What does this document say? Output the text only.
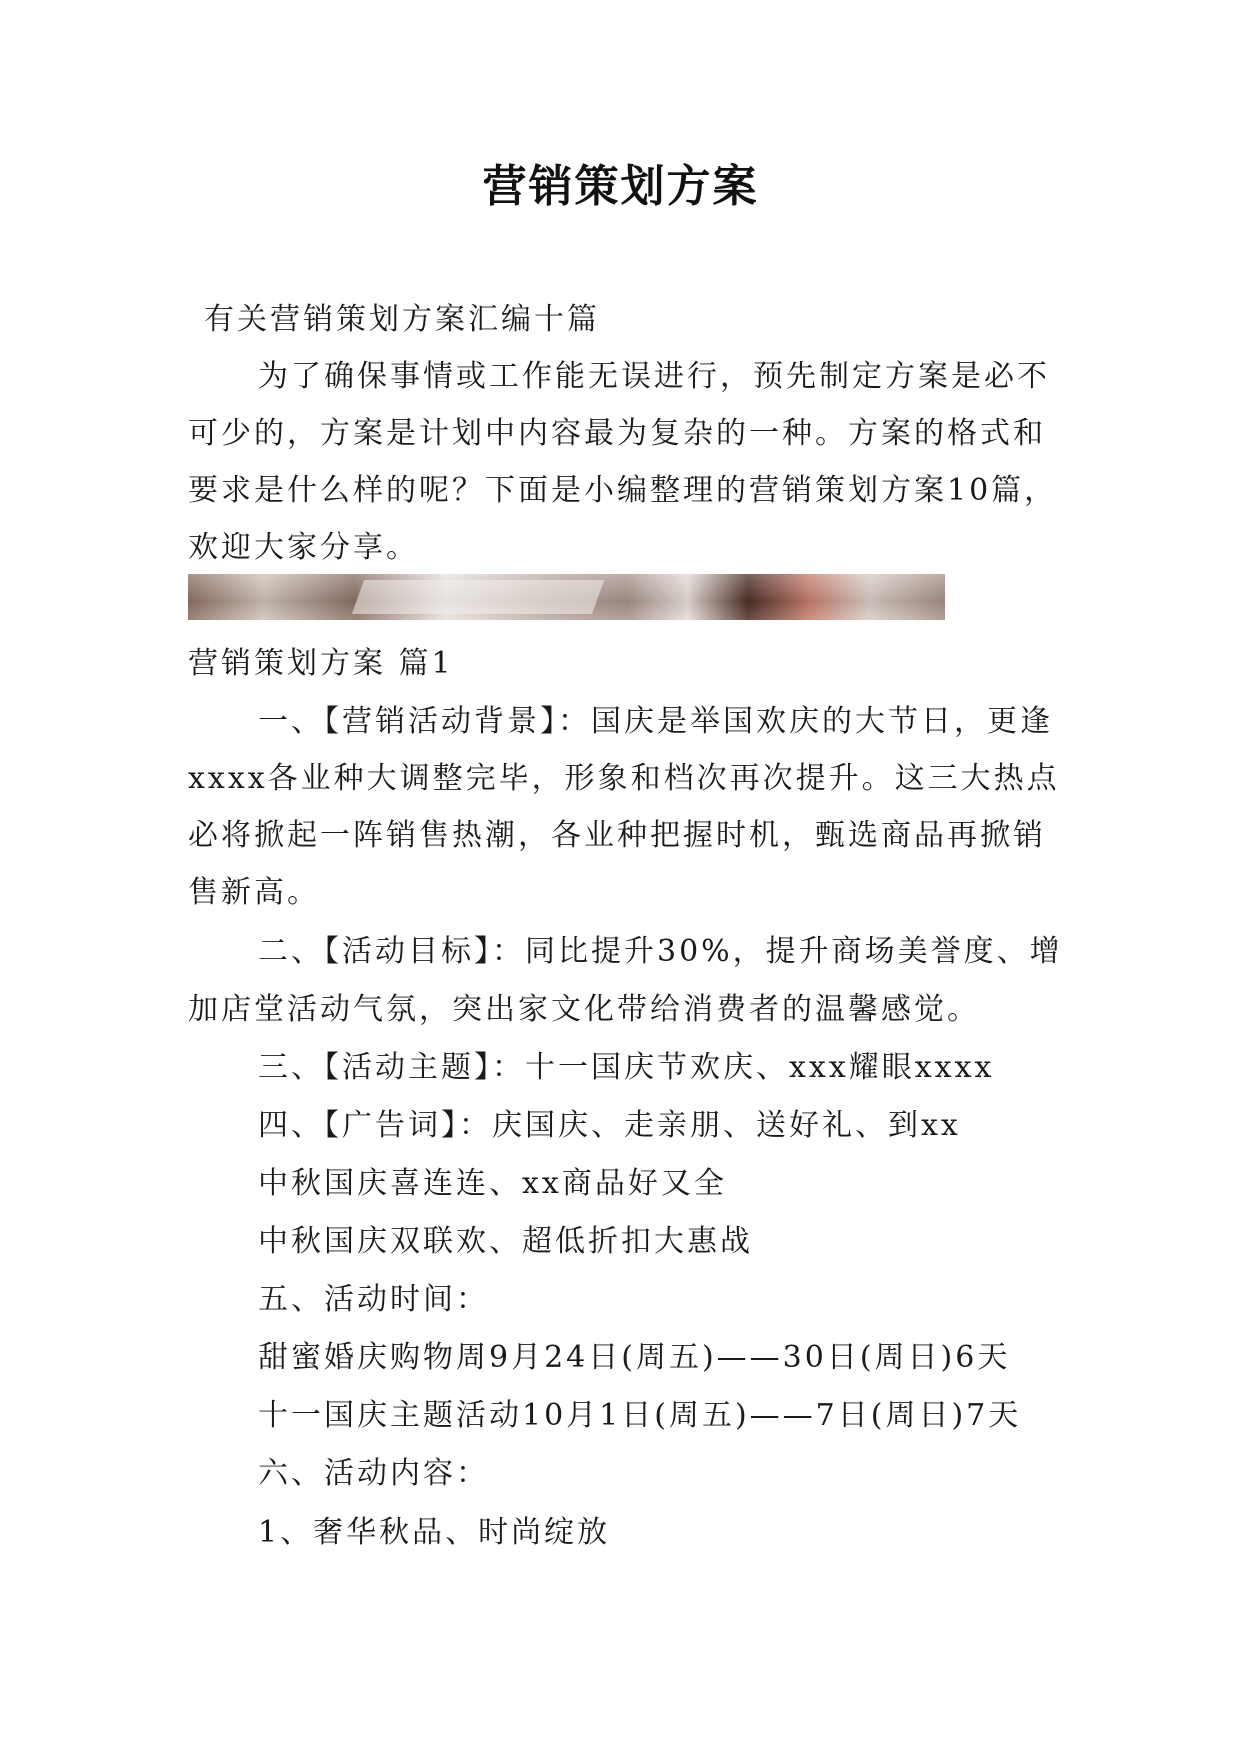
营销策划方案
有关营销策划方案汇编十篇
为了确保事情或工作能无误进行，预先制定方案是必不
可少的，方案是计划中内容最为复杂的一种。方案的格式和
要求是什么样的呢？下面是小编整理的营销策划方案10篇，
欢迎大家分享。
营销策划方案 篇1
一、【营销活动背景】：国庆是举国欢庆的大节日，更逢
xxxx各业种大调整完毕，形象和档次再次提升。这三大热点
必将掀起一阵销售热潮，各业种把握时机，甄选商品再掀销
售新高。
二、【活动目标】：同比提升30%，提升商场美誉度、增
加店堂活动气氛，突出家文化带给消费者的温馨感觉。
三、【活动主题】：十一国庆节欢庆、xxx耀眼xxxx
四、【广告词】：庆国庆、走亲朋、送好礼、到xx
中秋国庆喜连连、xx商品好又全
中秋国庆双联欢、超低折扣大惠战
五、活动时间：
甜蜜婚庆购物周9月24日(周五)——30日(周日)6天
十一国庆主题活动10月1日(周五)——7日(周日)7天
六、活动内容：
1、奢华秋品、时尚绽放
